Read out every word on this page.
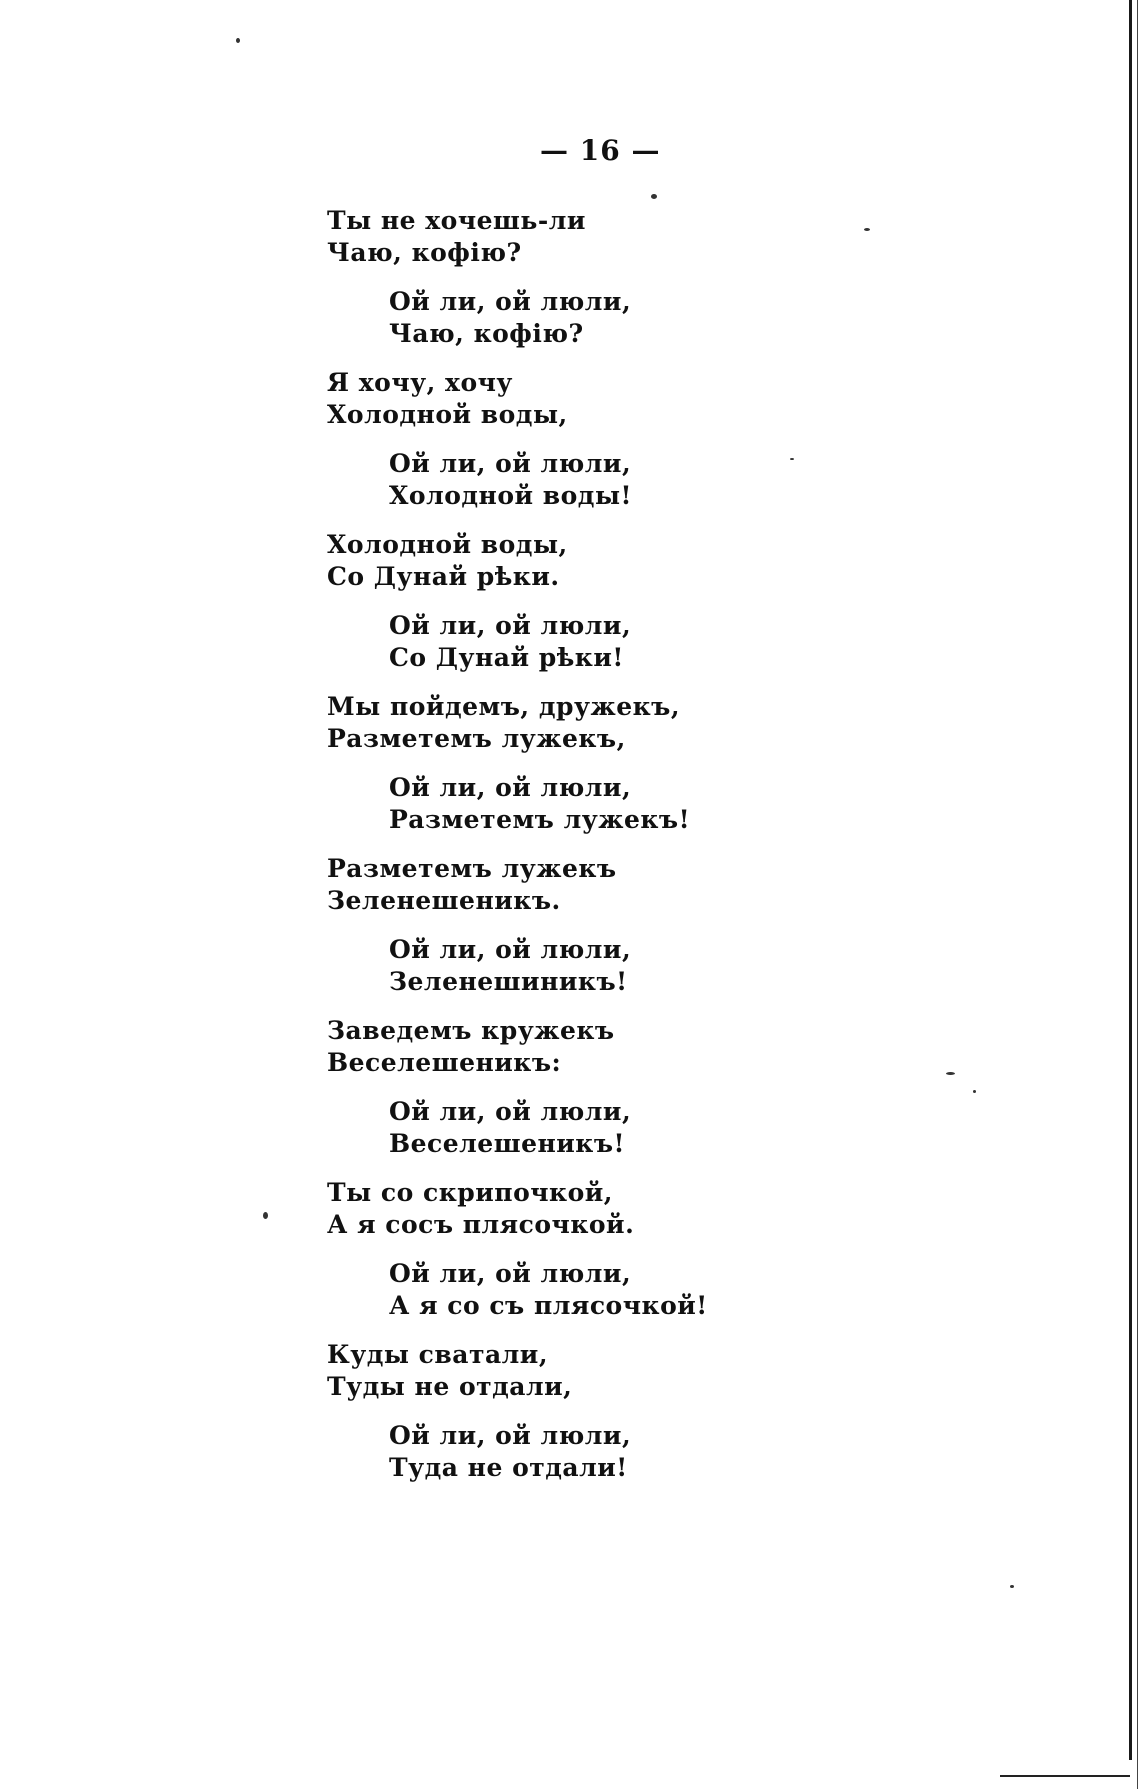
— 16 —
Ты не хочешь-ли
Чаю, кофiю?
Ой ли, ой люли,
Чаю, кофiю?
Я хочу, хочу
Холодной воды,
Ой ли, ой люли,
Холодной воды!
Холодной воды,
Со Дунай рѣки.
Ой ли, ой люли,
Со Дунай рѣки!
Мы пойдемъ, дружекъ,
Разметемъ лужекъ,
Ой ли, ой люли,
Разметемъ лужекъ!
Разметемъ лужекъ
Зеленешеникъ.
Ой ли, ой люли,
Зеленешиникъ!
Заведемъ кружекъ
Веселешеникъ:
Ой ли, ой люли,
Веселешеникъ!
Ты со скрипочкой,
А я сосъ плясочкой.
Ой ли, ой люли,
А я со съ плясочкой!
Куды сватали,
Туды не отдали,
Ой ли, ой люли,
Туда не отдали!
